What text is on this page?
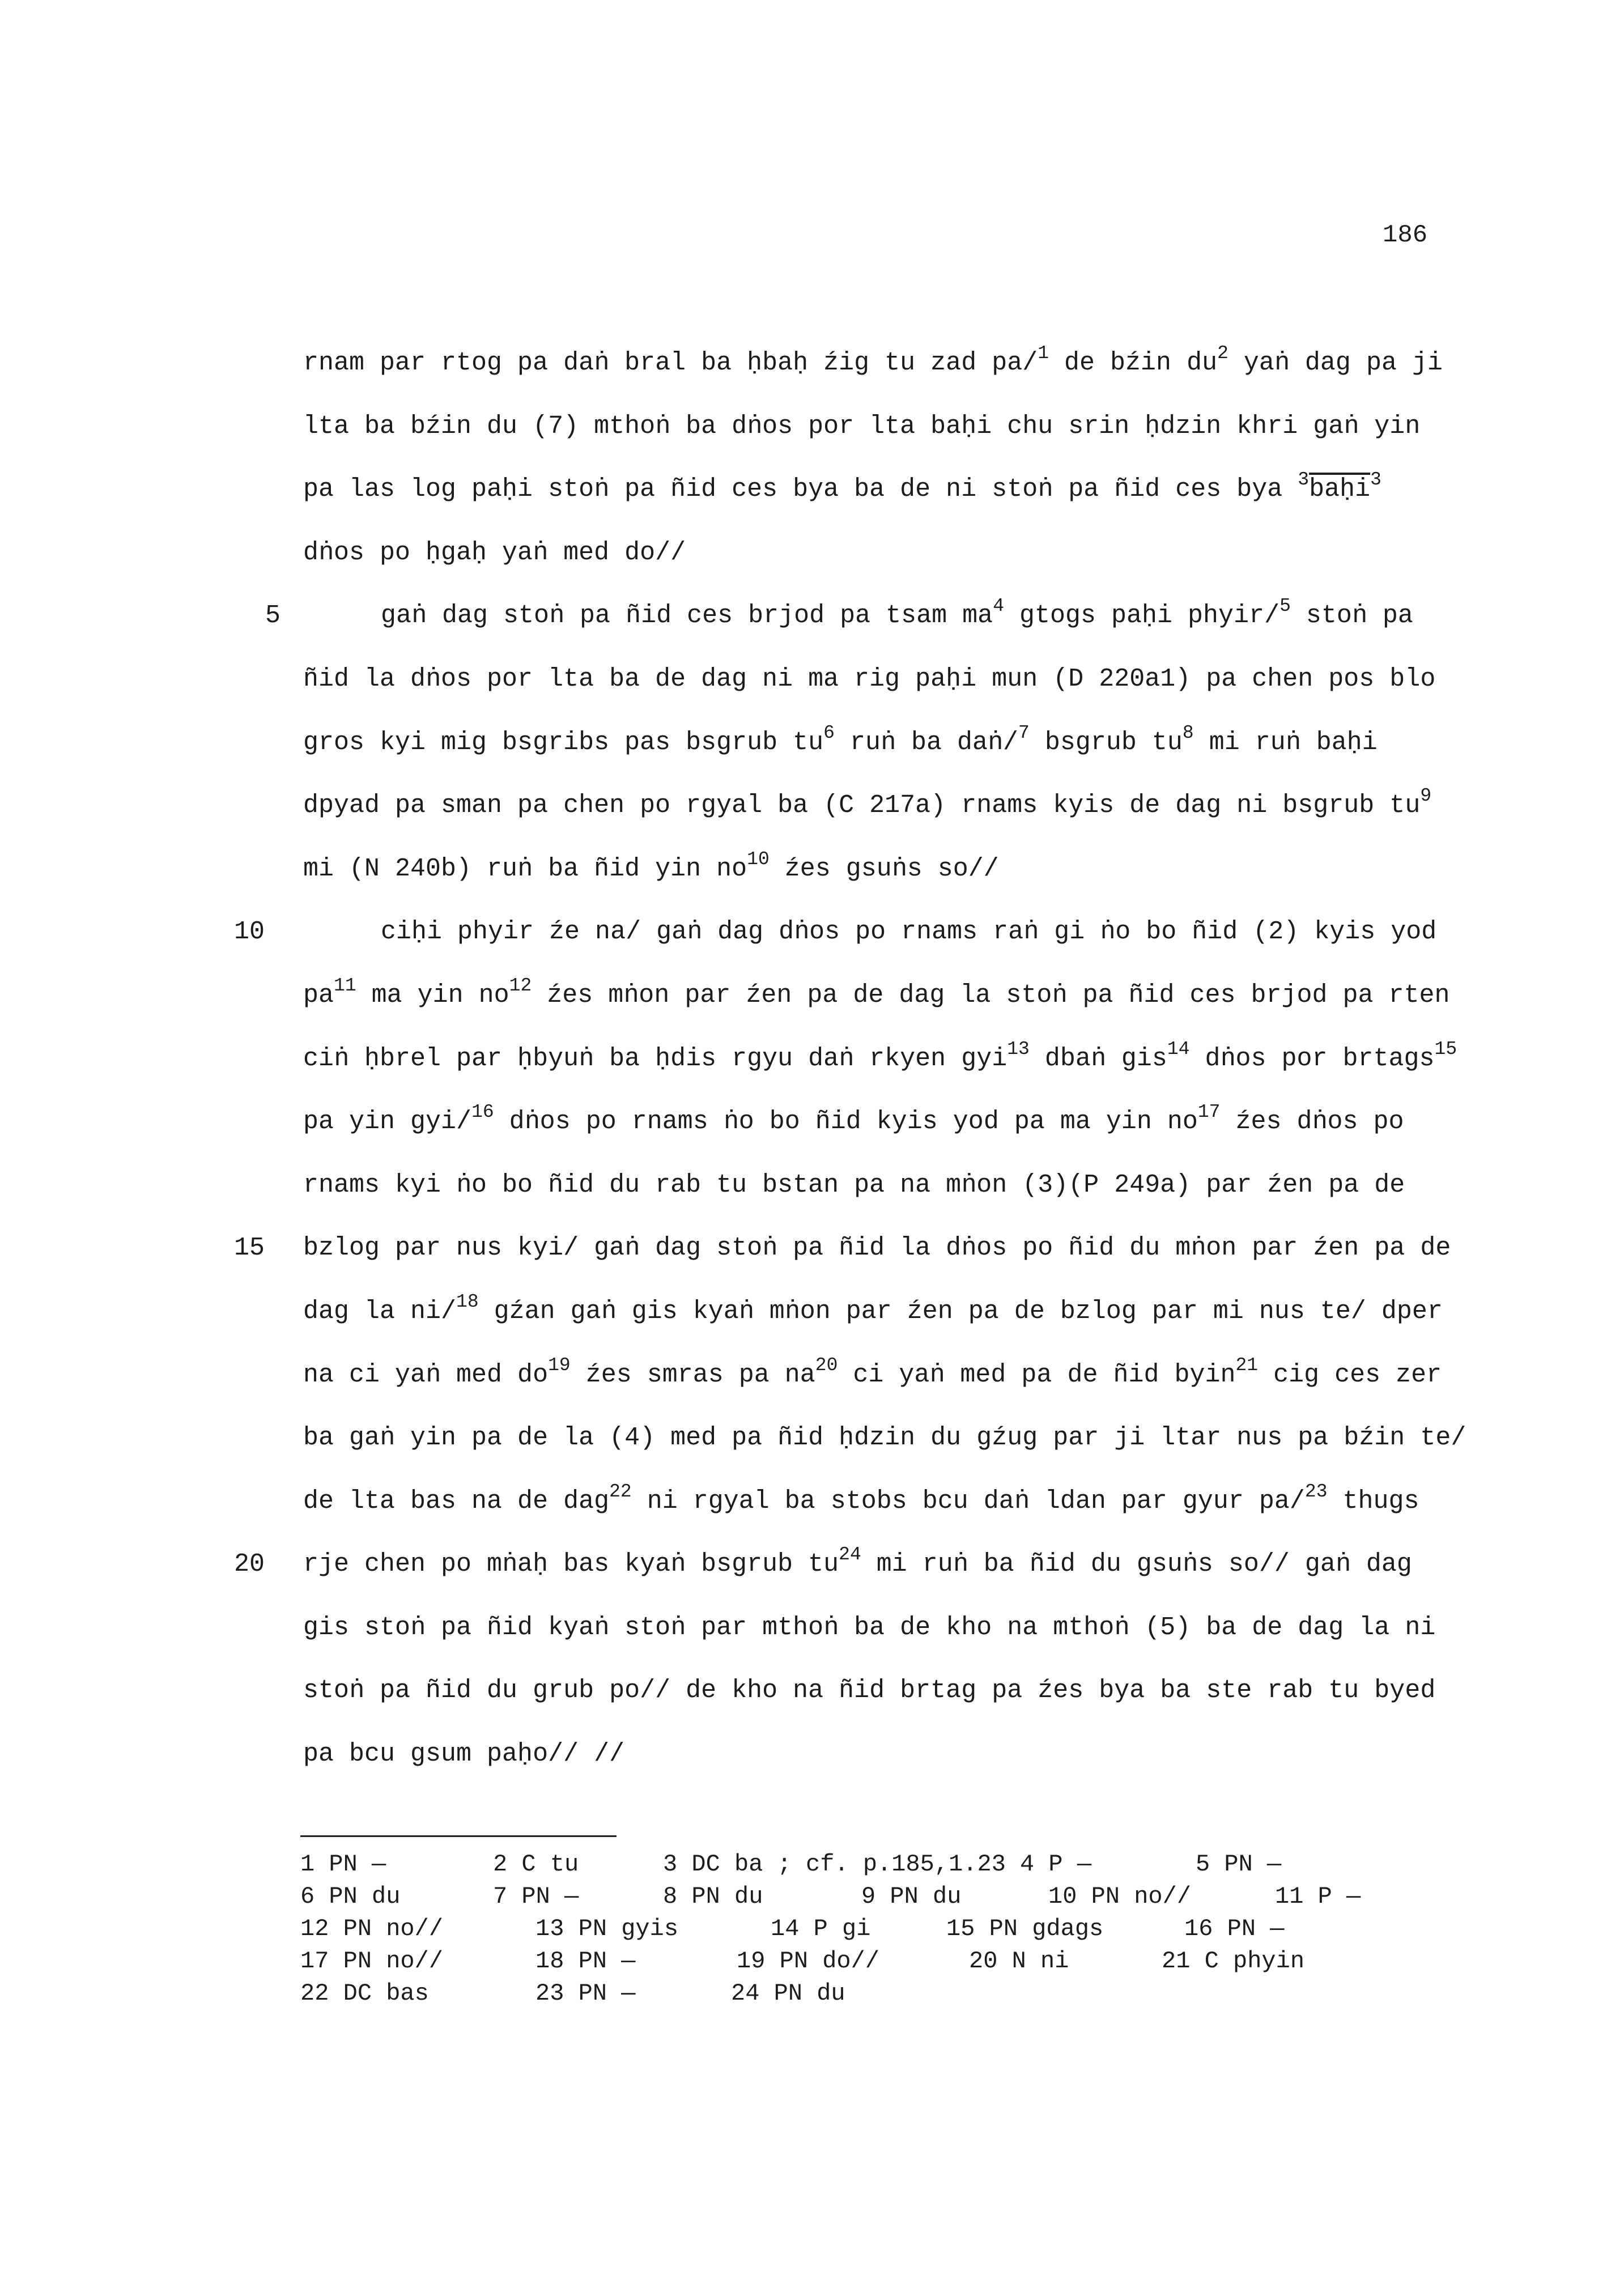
186
rnam par rtog pa daṅ bral ba ḥbaḥ źig tu zad pa/$^1$ de bźin $du^2$ yaṅ dag pa ji
lta ba bźin du (7) mthoṅ ba dṅos por lta baḥi chu srin ḥdzin khri gaṅ yin
pa las log paḥi stoṅ pa ñid ces bya ba de ni stoṅ pa ñid ces bya $^3$baḥi$^3$
dṅos po ḥgaḥ yaṅ med do//
5	gaṅ dag stoṅ pa ñid ces brjod pa tsam $ma^4$ gtogs paḥi phyir/$^5$ stoṅ pa
ñid la dṅos por lta ba de dag ni ma rig paḥi mun (D 220a1) pa chen pos blo
gros kyi mig bsgribs pas bsgrub $tu^6$ ruṅ ba daṅ/$^7$ bsgrub $tu^8$ mi ruṅ baḥi
dpyad pa sman pa chen po rgyal ba (C 217a) rnams kyis de dag ni bsgrub $tu^9$
mi (N 240b) ruṅ ba ñid yin $no^{10}$ źes gsuṅs so//
10	ciḥi phyir źe na/ gaṅ dag dṅos po rnams raṅ gi ṅo bo ñid (2) kyis yod
$pa^{11}$ ma yin $no^{12}$ źes mṅon par źen pa de dag la stoṅ pa ñid ces brjod pa rten
ciṅ ḥbrel par ḥbyuṅ ba ḥdis rgyu daṅ rkyen gyi$^{13}$ dbaṅ gis$^{14}$ dṅos por brtags$^{15}$
pa yin gyi/$^{16}$ dṅos po rnams ṅo bo ñid kyis yod pa ma yin $no^{17}$ źes dṅos po
rnams kyi ṅo bo ñid du rab tu bstan pa na mṅon (3)(P 249a) par źen pa de
15 bzlog par nus kyi/ gaṅ dag stoṅ pa ñid la dṅos po ñid du mṅon par źen pa de
dag la ni/$^{18}$ gźan gaṅ gis kyaṅ mṅon par źen pa de bzlog par mi nus te/ dper
na ci yaṅ med $do^{19}$ źes smras pa $na^{20}$ ci yaṅ med pa de ñid byin$^{21}$ cig ces zer
ba gaṅ yin pa de la (4) med pa ñid ḥdzin du gźug par ji ltar nus pa bźin te/
de lta bas na de dag$^{22}$ ni rgyal ba stobs bcu daṅ ldan par gyur pa/$^{23}$ thugs
20 rje chen po mṅaḥ bas kyaṅ bsgrub $tu^{24}$ mi ruṅ ba ñid du gsuṅs so// gaṅ dag
gis stoṅ pa ñid kyaṅ stoṅ par mthoṅ ba de kho na mthoṅ (5) ba de dag la ni
stoṅ pa ñid du grub po// de kho na ñid brtag pa źes bya ba ste rab tu byed
pa bcu gsum paḥo// //
1 PN —	2 C tu	3 DC ba ; cf. p.185,1.23 4 P —	5 PN —
6 PN du	7 PN —	8 PN du	9 PN du	10 PN no//	11 P —
12 PN no//	13 PN gyis	14 P gi	15 PN gdags	16 PN —
17 PN no//	18 PN —	19 PN do//	20 N ni	21 C phyin
22 DC bas	23 PN —	24 PN du
